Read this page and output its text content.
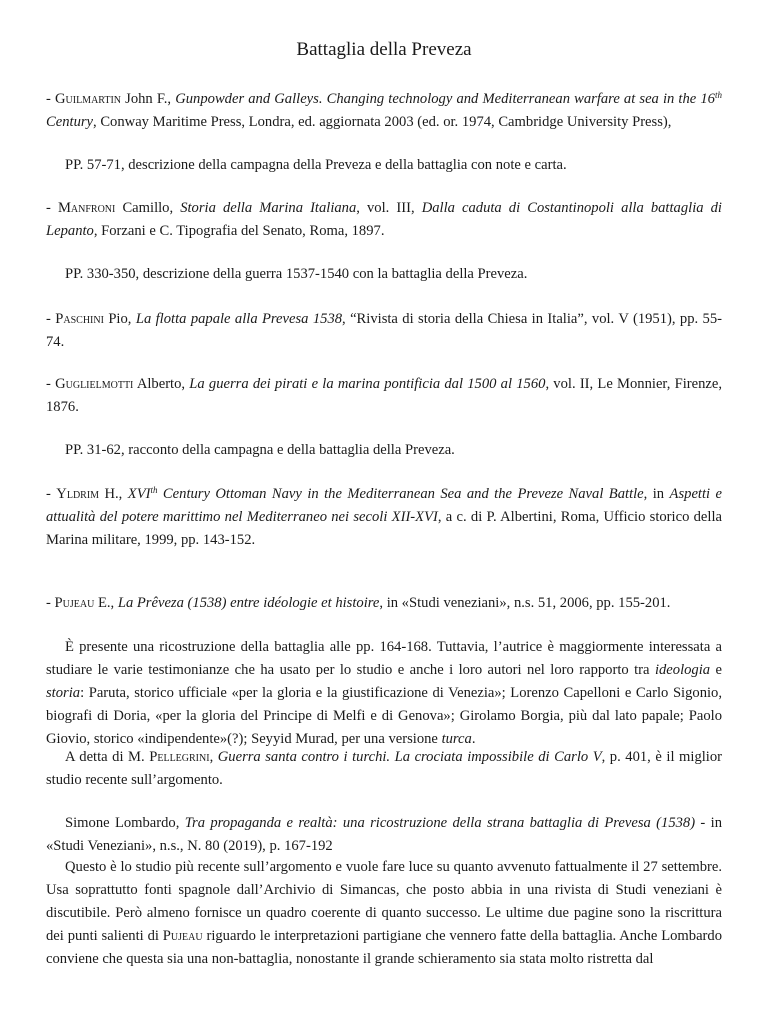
Battaglia della Preveza

- Guilmartin John F., Gunpowder and Galleys. Changing technology and Mediterranean warfare at sea in the 16th Century, Conway Maritime Press, Londra, ed. aggiornata 2003 (ed. or. 1974, Cambridge University Press),

PP. 57-71, descrizione della campagna della Preveza e della battaglia con note e carta.

- Manfroni Camillo, Storia della Marina Italiana, vol. III, Dalla caduta di Costantinopoli alla battaglia di Lepanto, Forzani e C. Tipografia del Senato, Roma, 1897.

PP. 330-350, descrizione della guerra 1537-1540 con la battaglia della Preveza.

- Paschini Pio, La flotta papale alla Prevesa 1538, “Rivista di storia della Chiesa in Italia”, vol. V (1951), pp. 55-74.

- Guglielmotti Alberto, La guerra dei pirati e la marina pontificia dal 1500 al 1560, vol. II, Le Monnier, Firenze, 1876.

PP. 31-62, racconto della campagna e della battaglia della Preveza.

- Yldrim H., XVIth Century Ottoman Navy in the Mediterranean Sea and the Preveze Naval Battle, in Aspetti e attualità del potere marittimo nel Mediterraneo nei secoli XII-XVI, a c. di P. Albertini, Roma, Ufficio storico della Marina militare, 1999, pp. 143-152.

- Pujeau E., La Prêveza (1538) entre idéologie et histoire, in «Studi veneziani», n.s. 51, 2006, pp. 155-201.

È presente una ricostruzione della battaglia alle pp. 164-168. Tuttavia, l’autrice è maggiormente interessata a studiare le varie testimonianze che ha usato per lo studio e anche i loro autori nel loro rapporto tra ideologia e storia: Paruta, storico ufficiale «per la gloria e la giustificazione di Venezia»; Lorenzo Capelloni e Carlo Sigonio, biografi di Doria, «per la gloria del Principe di Melfi e di Genova»; Girolamo Borgia, più dal lato papale; Paolo Giovio, storico «indipendente»(?); Seyyid Murad, per una versione turca.

A detta di M. Pellegrini, Guerra santa contro i turchi. La crociata impossibile di Carlo V, p. 401, è il miglior studio recente sull’argomento.

Simone Lombardo, Tra propaganda e realtà: una ricostruzione della strana battaglia di Prevesa (1538) - in «Studi Veneziani», n.s., N. 80 (2019), p. 167-192

Questo è lo studio più recente sull’argomento e vuole fare luce su quanto avvenuto fattualmente il 27 settembre. Usa soprattutto fonti spagnole dall’Archivio di Simancas, che posto abbia in una rivista di Studi veneziani è discutibile. Però almeno fornisce un quadro coerente di quanto successo. Le ultime due pagine sono la riscrittura dei punti salienti di Pujeau riguardo le interpretazioni partigiane che vennero fatte della battaglia. Anche Lombardo conviene che questa sia una non-battaglia, nonostante il grande schieramento sia stata molto ristretta dal
